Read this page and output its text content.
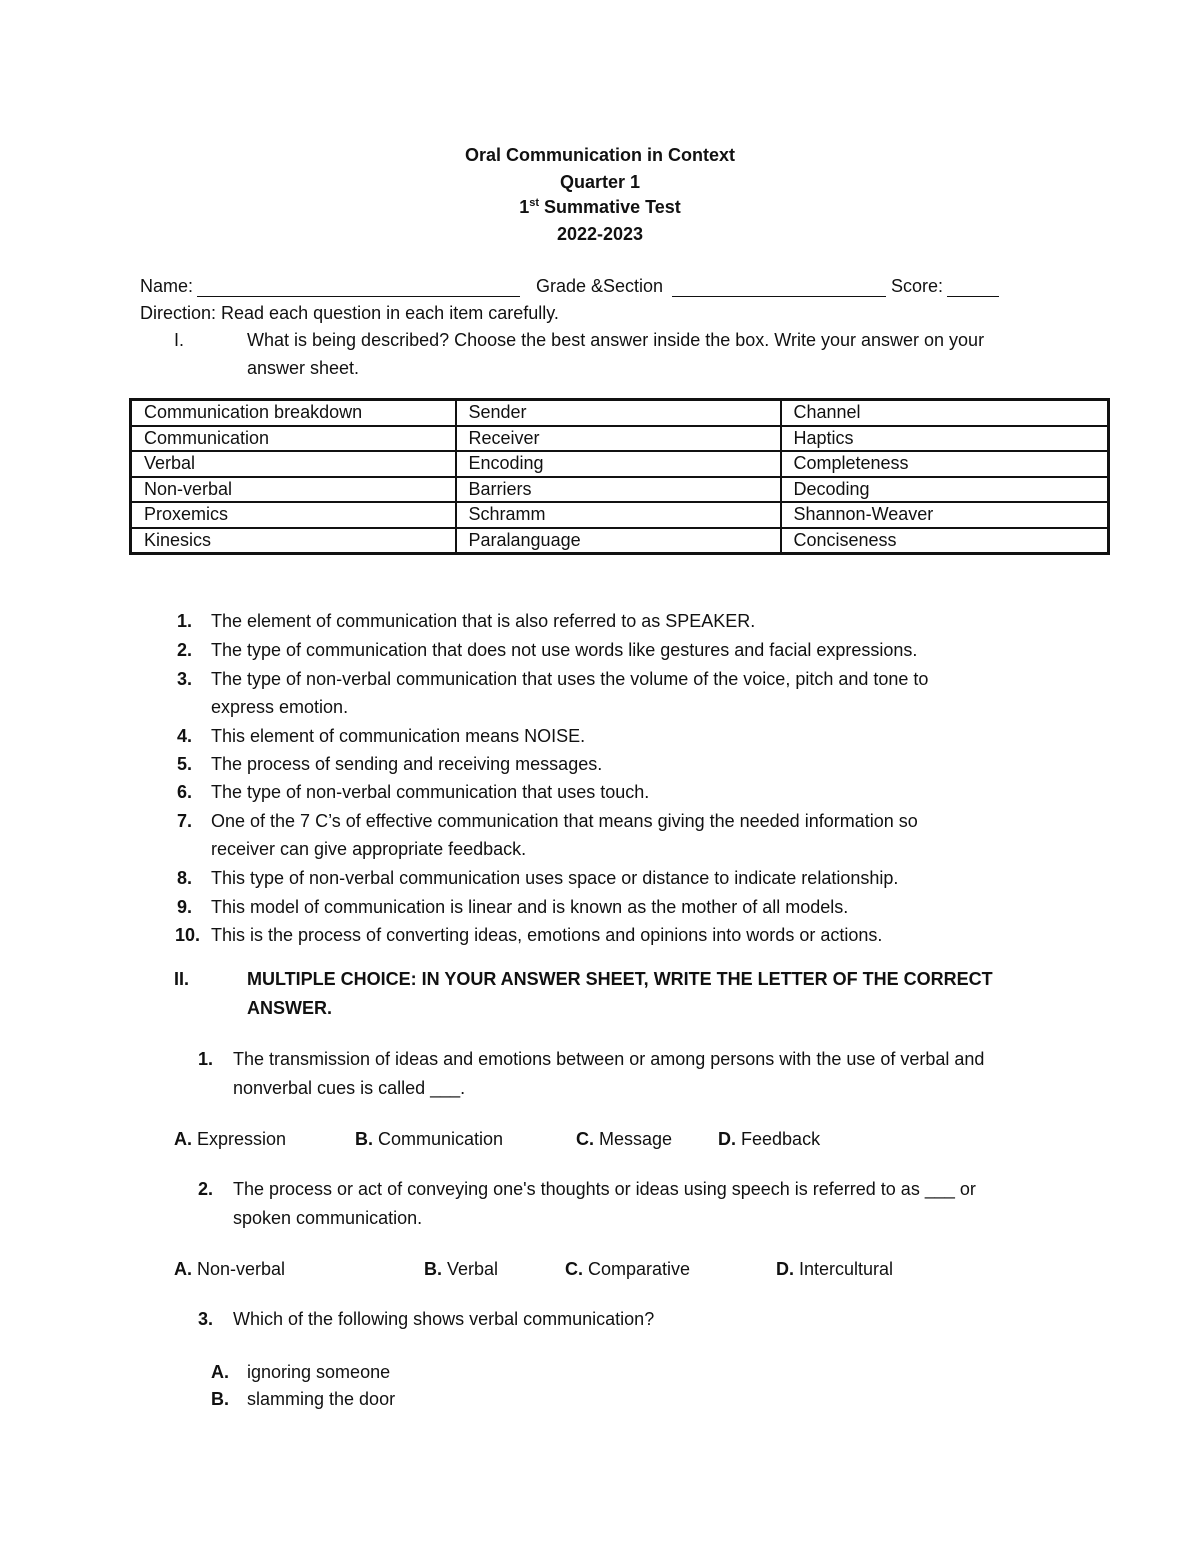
Oral Communication in Context
Quarter 1
1st Summative Test
2022-2023
Name:	Grade &Section	Score:
Direction: Read each question in each item carefully.
I.	What is being described? Choose the best answer inside the box. Write your answer on your
answer sheet.
Communication breakdown	Sender	Channel
Communication	Receiver	Haptics
Verbal	Encoding	Completeness
Non-verbal	Barriers	Decoding
Proxemics	Schramm	Shannon-Weaver
Kinesics	Paralanguage	Conciseness
1. The element of communication that is also referred to as SPEAKER.
2. The type of communication that does not use words like gestures and facial expressions.
3. The type of non-verbal communication that uses the volume of the voice, pitch and tone to
express emotion.
4. This element of communication means NOISE.
5. The process of sending and receiving messages.
6. The type of non-verbal communication that uses touch.
7. One of the 7 C’s of effective communication that means giving the needed information so
receiver can give appropriate feedback.
8. This type of non-verbal communication uses space or distance to indicate relationship.
9. This model of communication is linear and is known as the mother of all models.
10. This is the process of converting ideas, emotions and opinions into words or actions.
II.	MULTIPLE CHOICE: IN YOUR ANSWER SHEET, WRITE THE LETTER OF THE CORRECT
ANSWER.
1. The transmission of ideas and emotions between or among persons with the use of verbal and
nonverbal cues is called ___.
A. Expression	B. Communication	C. Message	D. Feedback
2. The process or act of conveying one's thoughts or ideas using speech is referred to as ___ or
spoken communication.
A. Non-verbal	B. Verbal	C. Comparative	D. Intercultural
3. Which of the following shows verbal communication?
A. ignoring someone
B. slamming the door
